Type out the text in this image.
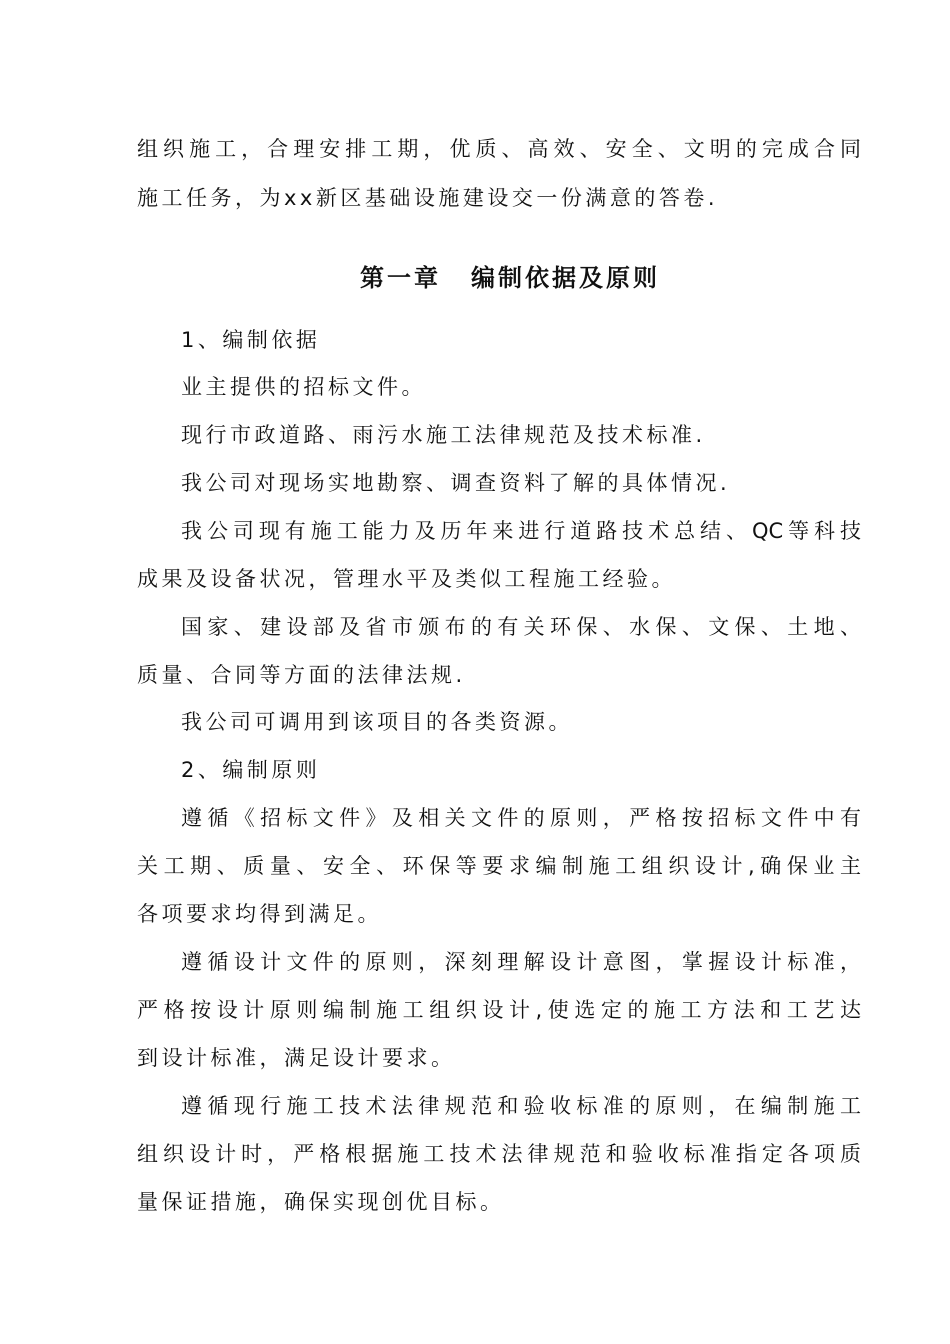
组织施工，合理安排工期，优质、高效、安全、文明的完成合同
施工任务，为xx新区基础设施建设交一份满意的答卷.
第一章 编制依据及原则
1、编制依据
业主提供的招标文件。
现行市政道路、雨污水施工法律规范及技术标准.
我公司对现场实地勘察、调查资料了解的具体情况.
我公司现有施工能力及历年来进行道路技术总结、QC等科技
成果及设备状况，管理水平及类似工程施工经验。
国家、建设部及省市颁布的有关环保、水保、文保、土地、
质量、合同等方面的法律法规.
我公司可调用到该项目的各类资源。
2、编制原则
遵循《招标文件》及相关文件的原则，严格按招标文件中有
关工期、质量、安全、环保等要求编制施工组织设计,确保业主
各项要求均得到满足。
遵循设计文件的原则，深刻理解设计意图，掌握设计标准，
严格按设计原则编制施工组织设计,使选定的施工方法和工艺达
到设计标准，满足设计要求。
遵循现行施工技术法律规范和验收标准的原则，在编制施工
组织设计时，严格根据施工技术法律规范和验收标准指定各项质
量保证措施，确保实现创优目标。
